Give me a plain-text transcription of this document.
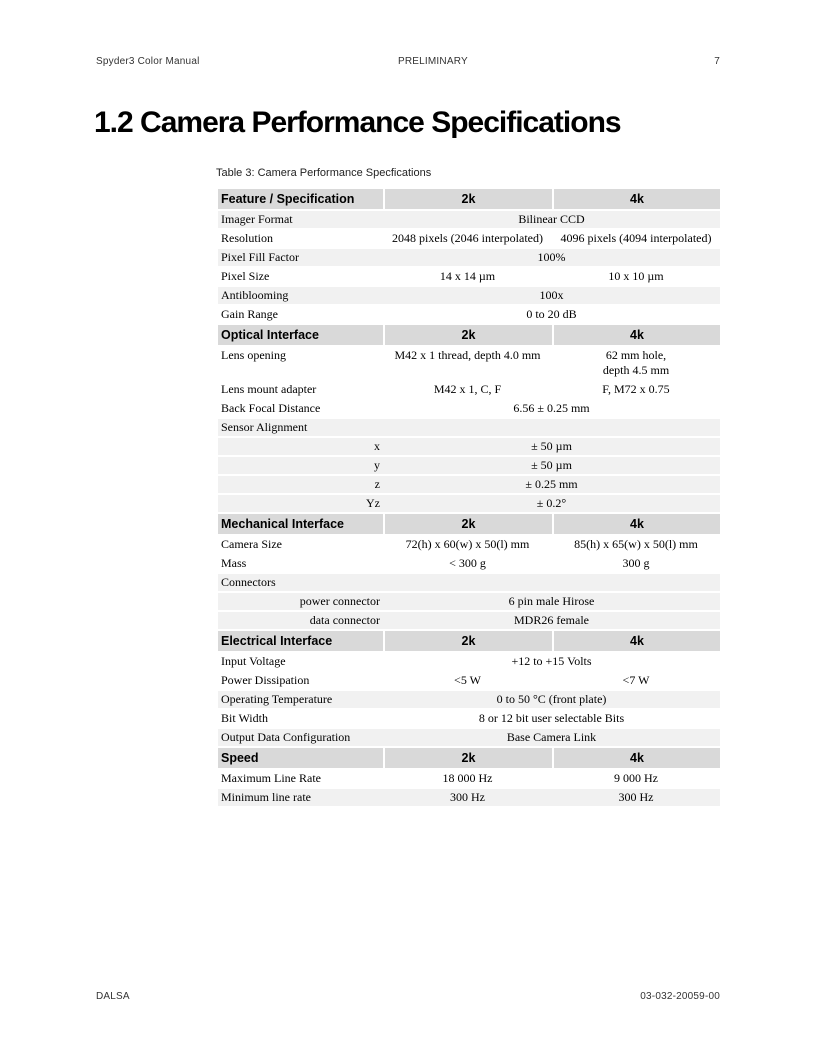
Spyder3 Color Manual	PRELIMINARY	7
1.2 Camera Performance Specifications
Table 3: Camera Performance Specfications
Feature / Specification	2k	4k
Imager Format	Bilinear CCD	
Resolution	2048 pixels (2046 interpolated)	4096 pixels (4094 interpolated)
Pixel Fill Factor	100%	
Pixel Size	14 x 14 µm	10 x 10 µm
Antiblooming	100x	
Gain Range	0 to 20 dB	
Optical Interface	2k	4k
Lens opening	M42 x 1 thread, depth 4.0 mm	62 mm hole,
depth 4.5 mm
Lens mount adapter	M42 x 1, C, F	F, M72 x 0.75
Back Focal Distance	6.56 ± 0.25 mm	
Sensor Alignment		
x	± 50 µm	
y	± 50 µm	
z	± 0.25 mm	
Yz	± 0.2°	
Mechanical Interface	2k	4k
Camera Size	72(h) x 60(w) x 50(l) mm	85(h) x 65(w) x 50(l) mm
Mass	< 300 g	300 g
Connectors		
power connector	6 pin male Hirose	
data connector	MDR26 female	
Electrical Interface	2k	4k
Input Voltage	+12 to +15 Volts	
Power Dissipation	<5 W	<7 W
Operating Temperature	0 to 50 °C (front plate)	
Bit Width	8 or 12 bit user selectable Bits	
Output Data Configuration	Base Camera Link	
Speed	2k	4k
Maximum Line Rate	18 000 Hz	9 000 Hz
Minimum line rate	300 Hz	300 Hz
DALSA	03-032-20059-00
